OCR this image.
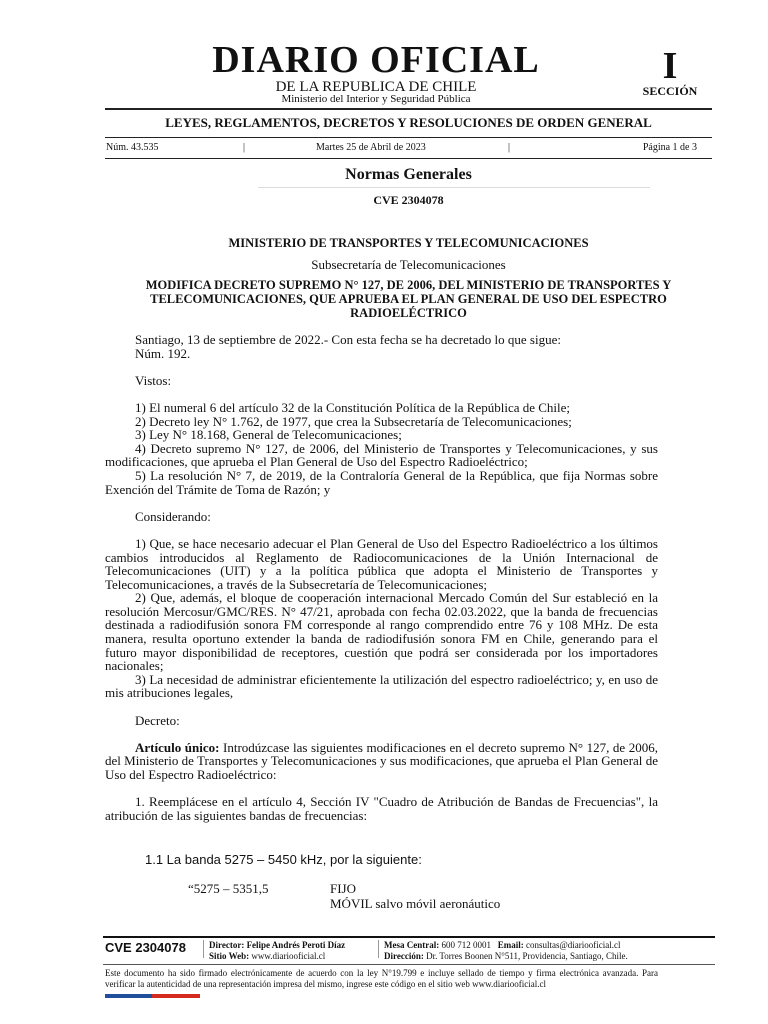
DIARIO OFICIAL
DE LA REPUBLICA DE CHILE
Ministerio del Interior y Seguridad Pública
I
SECCIÓN
LEYES, REGLAMENTOS, DECRETOS Y RESOLUCIONES DE ORDEN GENERAL
Núm. 43.535	|	Martes 25 de Abril de 2023	|	Página 1 de 3
Normas Generales
CVE 2304078
MINISTERIO DE TRANSPORTES Y TELECOMUNICACIONES
Subsecretaría de Telecomunicaciones
MODIFICA DECRETO SUPREMO N° 127, DE 2006, DEL MINISTERIO DE TRANSPORTES Y TELECOMUNICACIONES, QUE APRUEBA EL PLAN GENERAL DE USO DEL ESPECTRO RADIOELÉCTRICO

Santiago, 13 de septiembre de 2022.- Con esta fecha se ha decretado lo que sigue:

Núm. 192.

Vistos:

1) El numeral 6 del artículo 32 de la Constitución Política de la República de Chile;

2) Decreto ley N° 1.762, de 1977, que crea la Subsecretaría de Telecomunicaciones;

3) Ley N° 18.168, General de Telecomunicaciones;

4) Decreto supremo N° 127, de 2006, del Ministerio de Transportes y Telecomunicaciones, y sus modificaciones, que aprueba el Plan General de Uso del Espectro Radioeléctrico;

5) La resolución N° 7, de 2019, de la Contraloría General de la República, que fija Normas sobre Exención del Trámite de Toma de Razón; y

Considerando:

1) Que, se hace necesario adecuar el Plan General de Uso del Espectro Radioeléctrico a los últimos cambios introducidos al Reglamento de Radiocomunicaciones de la Unión Internacional de Telecomunicaciones (UIT) y a la política pública que adopta el Ministerio de Transportes y Telecomunicaciones, a través de la Subsecretaría de Telecomunicaciones;

2) Que, además, el bloque de cooperación internacional Mercado Común del Sur estableció en la resolución Mercosur/GMC/RES. N° 47/21, aprobada con fecha 02.03.2022, que la banda de frecuencias destinada a radiodifusión sonora FM corresponde al rango comprendido entre 76 y 108 MHz. De esta manera, resulta oportuno extender la banda de radiodifusión sonora FM en Chile, generando para el futuro mayor disponibilidad de receptores, cuestión que podrá ser considerada por los importadores nacionales;

3) La necesidad de administrar eficientemente la utilización del espectro radioeléctrico; y, en uso de mis atribuciones legales,

Decreto:

Artículo único: Introdúzcase las siguientes modificaciones en el decreto supremo N° 127, de 2006, del Ministerio de Transportes y Telecomunicaciones y sus modificaciones, que aprueba el Plan General de Uso del Espectro Radioeléctrico:

1. Reemplácese en el artículo 4, Sección IV "Cuadro de Atribución de Bandas de Frecuencias", la atribución de las siguientes bandas de frecuencias:

1.1 La banda 5275 – 5450 kHz, por la siguiente:
“5275 – 5351,5	FIJO
MÓVIL salvo móvil aeronáutico
CVE 2304078	Director: Felipe Andrés Peroti Díaz
Sitio Web: www.diariooficial.cl
Mesa Central: 600 712 0001 Email: consultas@diariooficial.cl
Dirección: Dr. Torres Boonen N°511, Providencia, Santiago, Chile.
Este documento ha sido firmado electrónicamente de acuerdo con la ley N°19.799 e incluye sellado de tiempo y firma electrónica avanzada. Para verificar la autenticidad de una representación impresa del mismo, ingrese este código en el sitio web www.diariooficial.cl
